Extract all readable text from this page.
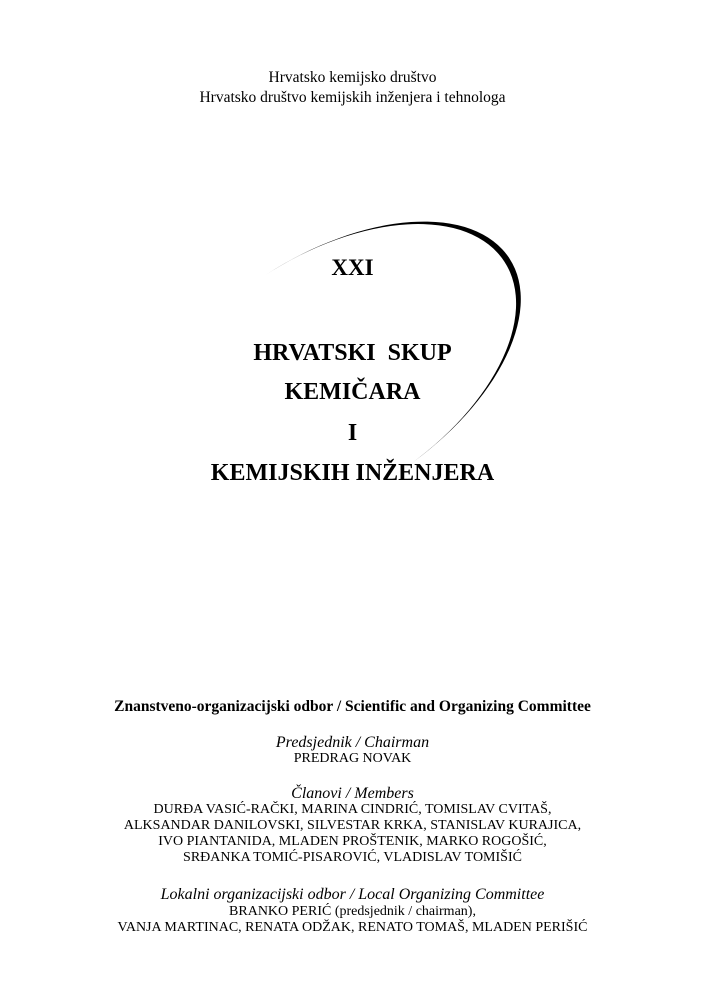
Hrvatsko kemijsko društvo
Hrvatsko društvo kemijskih inženjera i tehnologa
XXI
HRVATSKI  SKUP
KEMIČARA
I
KEMIJSKIH INŽENJERA
Znanstveno-organizacijski odbor / Scientific and Organizing Committee
Predsjednik / Chairman
PREDRAG NOVAK
Članovi / Members
DURĐA VASIĆ-RAČKI, MARINA CINDRIĆ, TOMISLAV CVITAŠ,
ALKSANDAR DANILOVSKI, SILVESTAR KRKA, STANISLAV KURAJICA,
IVO PIANTANIDA, MLADEN PROŠTENIK, MARKO ROGOŠIĆ,
SRĐANKA TOMIĆ-PISAROVIĆ, VLADISLAV TOMIŠIĆ
Lokalni organizacijski odbor / Local Organizing Committee
BRANKO PERIĆ (predsjednik / chairman),
VANJA MARTINAC, RENATA ODŽAK, RENATO TOMAŠ, MLADEN PERIŠIĆ
